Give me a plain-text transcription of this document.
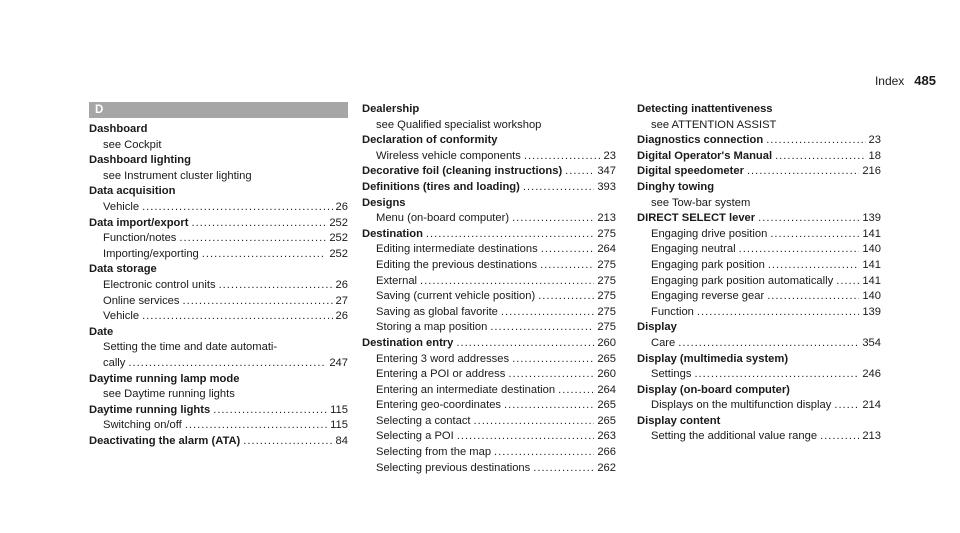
Index 485
D
Dashboard
see Cockpit
Dashboard lighting
see Instrument cluster lighting
Data acquisition
Vehicle .....	26
Data import/export .....	252
Function/notes .....	252
Importing/exporting .....	252
Data storage
Electronic control units .....	26
Online services .....	27
Vehicle .....	26
Date
Setting the time and date automati-
cally .....	247
Daytime running lamp mode
see Daytime running lights
Daytime running lights .....	115
Switching on/off .....	115
Deactivating the alarm (ATA) .....	84
Dealership
see Qualified specialist workshop
Declaration of conformity
Wireless vehicle components .....	23
Decorative foil (cleaning instructions) .....	347
Definitions (tires and loading) .....	393
Designs
Menu (on-board computer) .....	213
Destination .....	275
Editing intermediate destinations .....	264
Editing the previous destinations .....	275
External .....	275
Saving (current vehicle position) .....	275
Saving as global favorite .....	275
Storing a map position .....	275
Destination entry .....	260
Entering 3 word addresses .....	265
Entering a POI or address .....	260
Entering an intermediate destination .....	264
Entering geo-coordinates .....	265
Selecting a contact .....	265
Selecting a POI .....	263
Selecting from the map .....	266
Selecting previous destinations .....	262
Detecting inattentiveness
see ATTENTION ASSIST
Diagnostics connection .....	23
Digital Operator's Manual .....	18
Digital speedometer .....	216
Dinghy towing
see Tow-bar system
DIRECT SELECT lever .....	139
Engaging drive position .....	141
Engaging neutral .....	140
Engaging park position .....	141
Engaging park position automatically .....	141
Engaging reverse gear .....	140
Function .....	139
Display
Care .....	354
Display (multimedia system)
Settings .....	246
Display (on-board computer)
Displays on the multifunction display .....	214
Display content
Setting the additional value range .....	213
